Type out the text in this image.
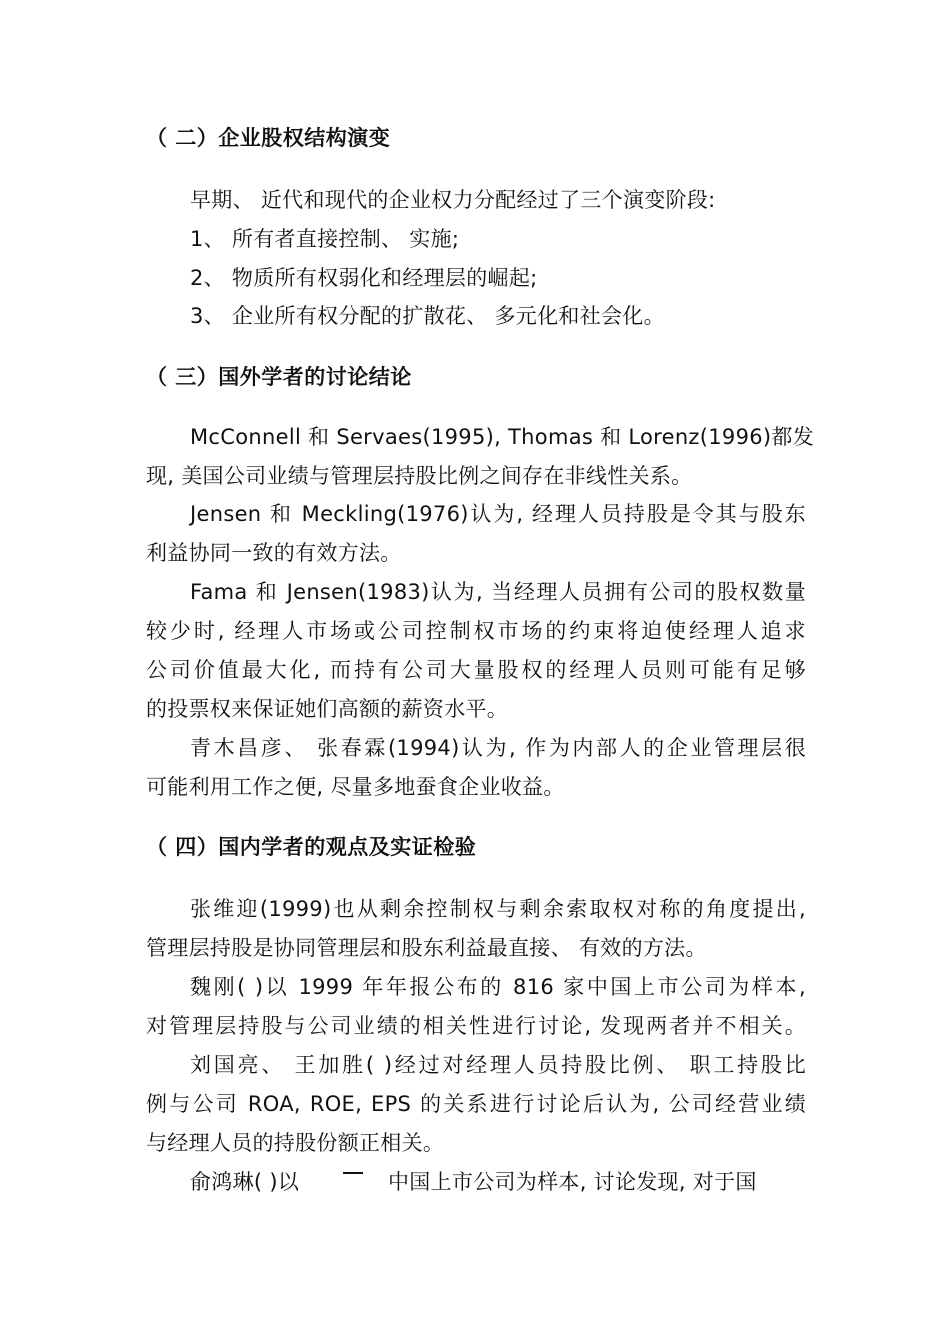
（ 二）企业股权结构演变
早期、 近代和现代的企业权力分配经过了三个演变阶段:
1、 所有者直接控制、 实施;
2、 物质所有权弱化和经理层的崛起;
3、 企业所有权分配的扩散花、 多元化和社会化。
（ 三）国外学者的讨论结论
McConnell 和 Servaes(1995), Thomas 和 Lorenz(1996)都发
现, 美国公司业绩与管理层持股比例之间存在非线性关系。
Jensen 和 Meckling(1976)认为, 经理人员持股是令其与股东
利益协同一致的有效方法。
Fama 和 Jensen(1983)认为, 当经理人员拥有公司的股权数量
较少时, 经理人市场或公司控制权市场的约束将迫使经理人追求
公司价值最大化, 而持有公司大量股权的经理人员则可能有足够
的投票权来保证她们高额的薪资水平。
青木昌彦、 张春霖(1994)认为, 作为内部人的企业管理层很
可能利用工作之便, 尽量多地蚕食企业收益。
（ 四）国内学者的观点及实证检验
张维迎(1999)也从剩余控制权与剩余索取权对称的角度提出,
管理层持股是协同管理层和股东利益最直接、 有效的方法。
魏刚( )以 1999 年年报公布的 816 家中国上市公司为样本,
对管理层持股与公司业绩的相关性进行讨论, 发现两者并不相关。
刘国亮、 王加胜( )经过对经理人员持股比例、 职工持股比
例与公司 ROA, ROE, EPS 的关系进行讨论后认为, 公司经营业绩
与经理人员的持股份额正相关。
俞鸿琳( )以	中国上市公司为样本, 讨论发现, 对于国
